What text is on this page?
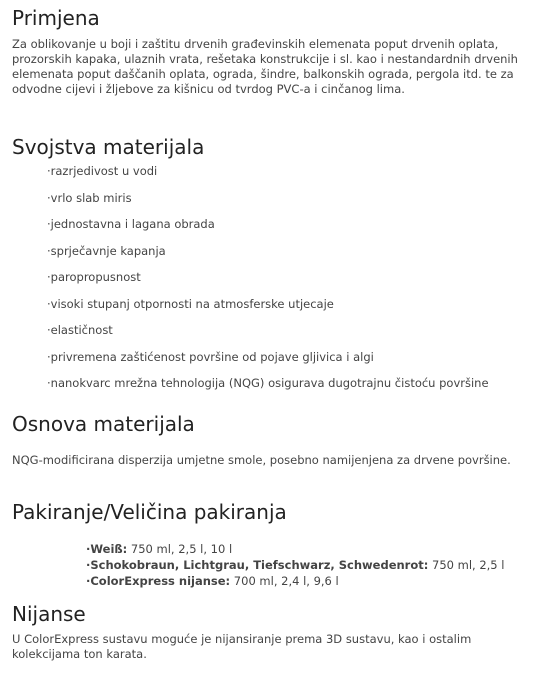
Primjena

Za oblikovanje u boji i zaštitu drvenih građevinskih elemenata poput drvenih oplata, prozorskih kapaka, ulaznih vrata, rešetaka konstrukcije i sl. kao i nestandardnih drvenih elemenata poput daščanih oplata, ograda, šindre, balkonskih ograda, pergola itd. te za odvodne cijevi i žljebove za kišnicu od tvrdog PVC-a i cinčanog lima.

Svojstva materijala
·razrjedivost u vodi
·vrlo slab miris
·jednostavna i lagana obrada
·sprječavnje kapanja
·paropropusnost
·visoki stupanj otpornosti na atmosferske utjecaje
·elastičnost
·privremena zaštićenost površine od pojave gljivica i algi
·nanokvarc mrežna tehnologija (NQG) osigurava dugotrajnu čistoću površine
Osnova materijala

NQG-modificirana disperzija umjetne smole, posebno namijenjena za drvene površine.

Pakiranje/Veličina pakiranja
·Weiß: 750 ml, 2,5 l, 10 l
·Schokobraun, Lichtgrau, Tiefschwarz, Schwedenrot: 750 ml, 2,5 l
·ColorExpress nijanse: 700 ml, 2,4 l, 9,6 l
Nijanse

U ColorExpress sustavu moguće je nijansiranje prema 3D sustavu, kao i ostalim kolekcijama ton karata.
